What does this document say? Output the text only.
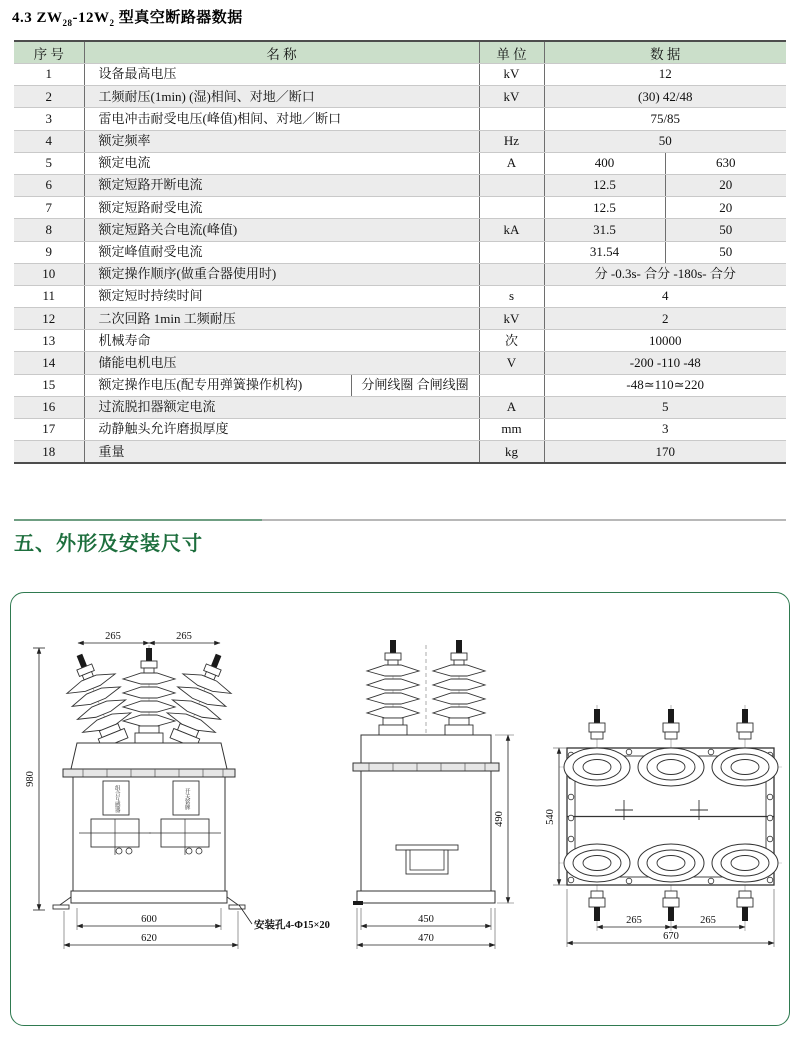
4.3 $ZW_{28}-12W_2$ 型真空断路器数据
序 号	名 称		单 位	数 据	
1	设备最高电压		kV	12	
2	工频耐压(1min) (湿)相间、对地／断口		kV	(30) 42/48	
3	雷电冲击耐受电压(峰值)相间、对地／断口			75/85	
4	额定频率		Hz	50	
5	额定电流		A	400	630
6	额定短路开断电流			12.5	20
7	额定短路耐受电流			12.5	20
8	额定短路关合电流(峰值)		kA	31.5	50
9	额定峰值耐受电流			31.54	50
10	额定操作顺序(做重合器使用时)			分 -0.3s- 合分 -180s- 合分	
11	额定短时持续时间		s	4	
12	二次回路 1min 工频耐压		kV	2	
13	机械寿命		次	10000	
14	储能电机电压		V	-200 -110 -48	
15	额定操作电压(配专用弹簧操作机构)	分闸线圈 合闸线圈		-48≃110≃220	
16	过流脱扣器额定电流		A	5	
17	动静触头允许磨损厚度		mm	3	
18	重量		kg	170	
五、外形及安装尺寸
265	265
980
600
620
安装孔4-Φ15×20
490
450
470
540
265	265
670
组合互感器	开关铭牌
